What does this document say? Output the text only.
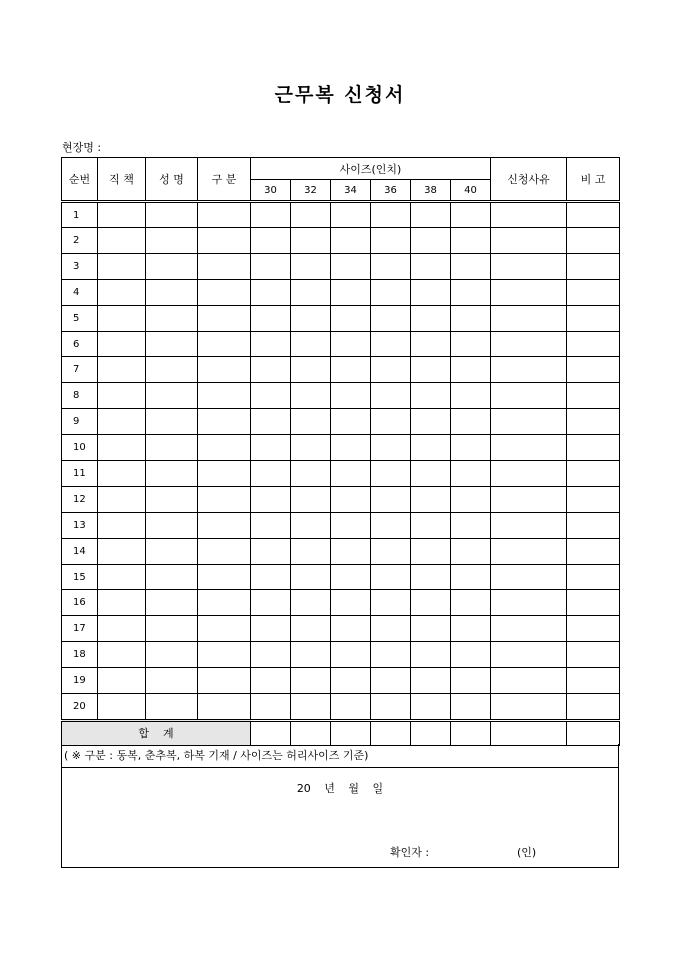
근무복 신청서
현장명 :
순번	직 책	성 명	구 분	사이즈(인치)						신청사유	비 고
				30	32	34	36	38	40		
1											
2											
3											
4											
5											
6											
7											
8											
9											
10											
11											
12											
13											
14											
15											
16											
17											
18											
19											
20											
합    계											
( ※ 구분 : 동복, 춘추복, 하복 기재 / 사이즈는 허리사이즈 기준)
20 년 월 일
확인자 :	(인)
